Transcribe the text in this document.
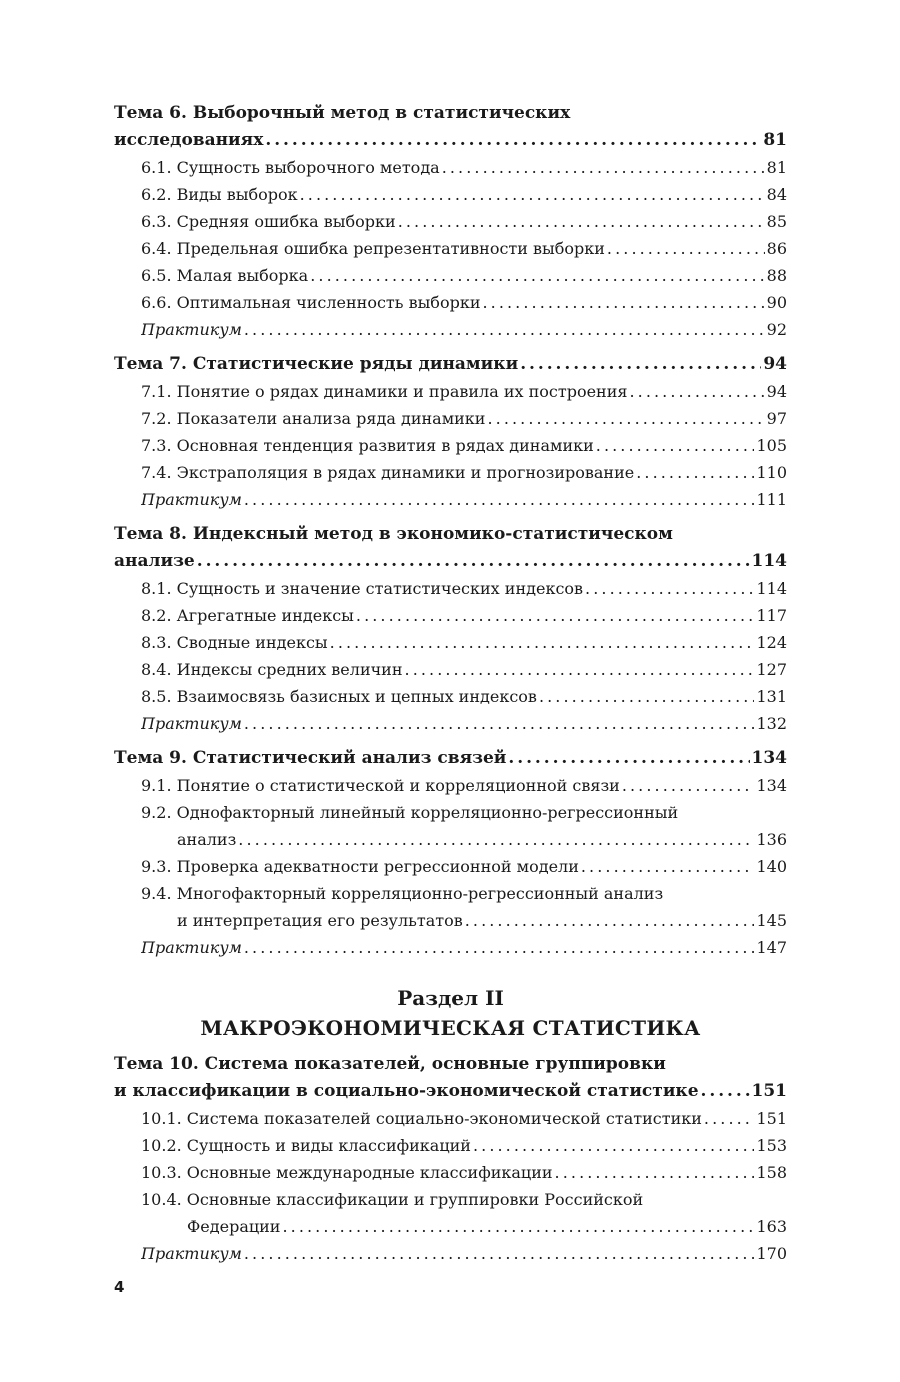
Тема 6. Выборочный метод в статистических
исследованиях . . .	81
6.1. Сущность выборочного метода . . .	81
6.2. Виды выборок . . .	84
6.3. Средняя ошибка выборки . . .	85
6.4. Предельная ошибка репрезентативности выборки . . .	86
6.5. Малая выборка . . .	88
6.6. Оптимальная численность выборки . . .	90
Практикум . . .	92
Тема 7. Статистические ряды динамики . . .	94
7.1. Понятие о рядах динамики и правила их построения . . .	94
7.2. Показатели анализа ряда динамики . . .	97
7.3. Основная тенденция развития в рядах динамики . . .	105
7.4. Экстраполяция в рядах динамики и прогнозирование . . .	110
Практикум . . .	111
Тема 8. Индексный метод в экономико-статистическом
анализе . . .	114
8.1. Сущность и значение статистических индексов . . .	114
8.2. Агрегатные индексы . . .	117
8.3. Сводные индексы . . .	124
8.4. Индексы средних величин . . .	127
8.5. Взаимосвязь базисных и цепных индексов . . .	131
Практикум . . .	132
Тема 9. Статистический анализ связей . . .	134
9.1. Понятие о статистической и корреляционной связи . . .	134
9.2. Однофакторный линейный корреляционно-регрессионный
анализ . . .	136
9.3. Проверка адекватности регрессионной модели . . .	140
9.4. Многофакторный корреляционно-регрессионный анализ
и интерпретация его результатов . . .	145
Практикум . . .	147
Раздел II
МАКРОЭКОНОМИЧЕСКАЯ СТАТИСТИКА
Тема 10. Система показателей, основные группировки
и классификации в социально-экономической статистике . . .	151
10.1. Система показателей социально-экономической статистики . . .	151
10.2. Сущность и виды классификаций . . .	153
10.3. Основные международные классификации . . .	158
10.4. Основные классификации и группировки Российской
Федерации . . .	163
Практикум . . .	170
4
